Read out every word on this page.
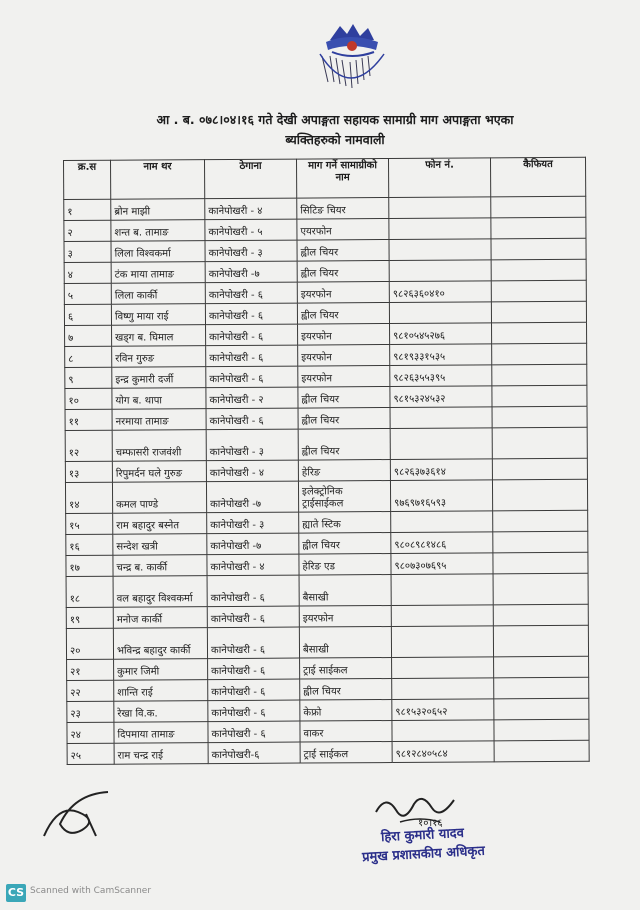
आ . ब. ०७८।०४।१६ गते देखी अपाङ्गता सहायक सामाग्री माग अपाङ्गता भएका
ब्यक्तिहरुको नामवाली
क्र.स	नाम थर	ठेगाना	माग गर्ने सामाग्रीको नाम	फोन नं.	कैफियत
१	ब्रोन माझी	कानेपोखरी - ४	सिटिङ चियर		
२	शन्त ब. तामाङ	कानेपोखरी - ५	एयरफोन		
३	लिला विश्वकर्मा	कानेपोखरी - ३	ह्वील चियर		
४	टंक माया तामाङ	कानेपोखरी -७	ह्वील चियर		
५	लिला कार्की	कानेपोखरी - ६	इयरफोन	९८२६३६०४१०	
६	विष्णु माया राई	कानेपोखरी - ६	ह्वील चियर		
७	खड्ग ब. घिमाल	कानेपोखरी - ६	इयरफोन	९८१०५४५२७६	
८	रविन गुरुङ	कानेपोखरी - ६	इयरफोन	९८१९३३१५३५	
९	इन्द्र कुमारी दर्जी	कानेपोखरी - ६	इयरफोन	९८२६३५५३९५	
१०	योग ब. थापा	कानेपोखरी - २	ह्वील चियर	९८१५३२४५३२	
११	नरमाया तामाङ	कानेपोखरी - ६	ह्वील चियर		
१२	चम्फासरी राजवंशी	कानेपोखरी - ३	ह्वील चियर		
१३	रिपुमर्दन घले गुरुङ	कानेपोखरी - ४	हेरिङ	९८२६३७३६१४	
१४	कमल पाण्डे	कानेपोखरी -७	इलेक्ट्रोनिक ट्राईसाईकल	९७६९७१६५९३	
१५	राम बहादुर बस्नेत	कानेपोखरी - ३	ह्याते स्टिक		
१६	सन्देश खत्री	कानेपोखरी -७	ह्वील चियर	९८०८९८१४८६	
१७	चन्द्र ब. कार्की	कानेपोखरी - ४	हेरिङ एड	९८०७३०७६९५	
१८	वल बहादुर विश्वकर्मा	कानेपोखरी - ६	बैसाखी		
१९	मनोज कार्की	कानेपोखरी - ६	इयरफोन		
२०	भविन्द्र बहादुर कार्की	कानेपोखरी - ६	बैसाखी		
२१	कुमार जिमी	कानेपोखरी - ६	ट्राई साईकल		
२२	शान्ति राई	कानेपोखरी - ६	ह्वील चियर		
२३	रेखा वि.क.	कानेपोखरी - ६	केफ्रो	९८१५३२०६५२	
२४	दिपमाया तामाङ	कानेपोखरी - ६	वाकर		
२५	राम चन्द्र राई	कानेपोखरी-६	ट्राई साईकल	९८१२८४०५८४	
१०।१६
हिरा कुमारी यादव
प्रमुख प्रशासकीय अधिकृत
CS Scanned with CamScanner
